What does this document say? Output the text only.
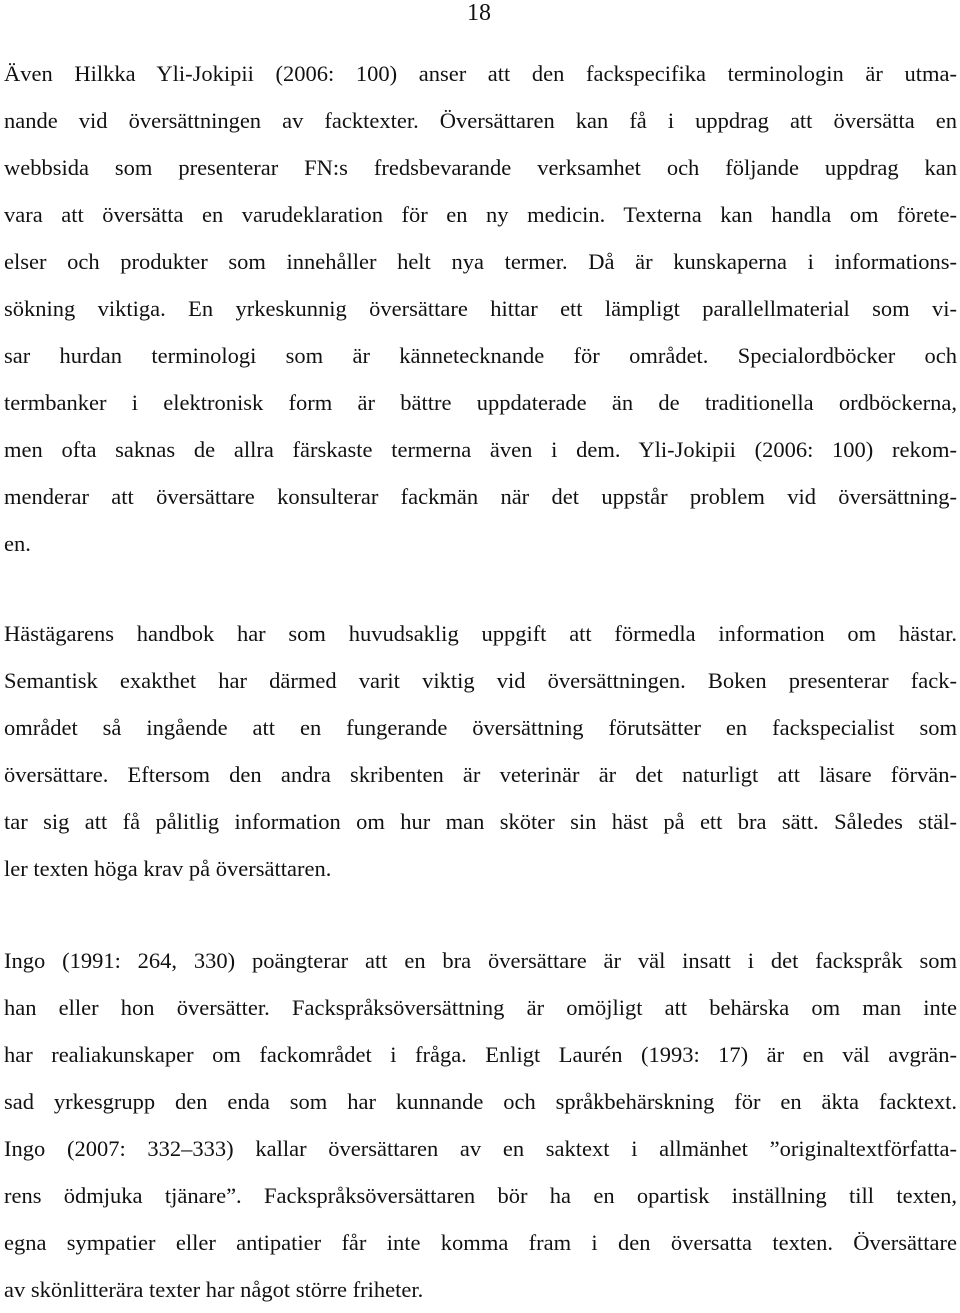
18
Även Hilkka Yli-Jokipii (2006: 100) anser att den fackspecifika terminologin är utma-
nande vid översättningen av facktexter. Översättaren kan få i uppdrag att översätta en
webbsida som presenterar FN:s fredsbevarande verksamhet och följande uppdrag kan
vara att översätta en varudeklaration för en ny medicin. Texterna kan handla om förete-
elser och produkter som innehåller helt nya termer. Då är kunskaperna i informations-
sökning viktiga. En yrkeskunnig översättare hittar ett lämpligt parallellmaterial som vi-
sar hurdan terminologi som är kännetecknande för området. Specialordböcker och
termbanker i elektronisk form är bättre uppdaterade än de traditionella ordböckerna,
men ofta saknas de allra färskaste termerna även i dem. Yli-Jokipii (2006: 100) rekom-
menderar att översättare konsulterar fackmän när det uppstår problem vid översättning-
en.
Hästägarens handbok har som huvudsaklig uppgift att förmedla information om hästar.
Semantisk exakthet har därmed varit viktig vid översättningen. Boken presenterar fack-
området så ingående att en fungerande översättning förutsätter en fackspecialist som
översättare. Eftersom den andra skribenten är veterinär är det naturligt att läsare förvän-
tar sig att få pålitlig information om hur man sköter sin häst på ett bra sätt. Således stäl-
ler texten höga krav på översättaren.
Ingo (1991: 264, 330) poängterar att en bra översättare är väl insatt i det fackspråk som
han eller hon översätter. Fackspråksöversättning är omöjligt att behärska om man inte
har realiakunskaper om fackområdet i fråga. Enligt Laurén (1993: 17) är en väl avgrän-
sad yrkesgrupp den enda som har kunnande och språkbehärskning för en äkta facktext.
Ingo (2007: 332–333) kallar översättaren av en saktext i allmänhet ”originaltextförfatta-
rens ödmjuka tjänare”. Fackspråksöversättaren bör ha en opartisk inställning till texten,
egna sympatier eller antipatier får inte komma fram i den översatta texten. Översättare
av skönlitterära texter har något större friheter.
